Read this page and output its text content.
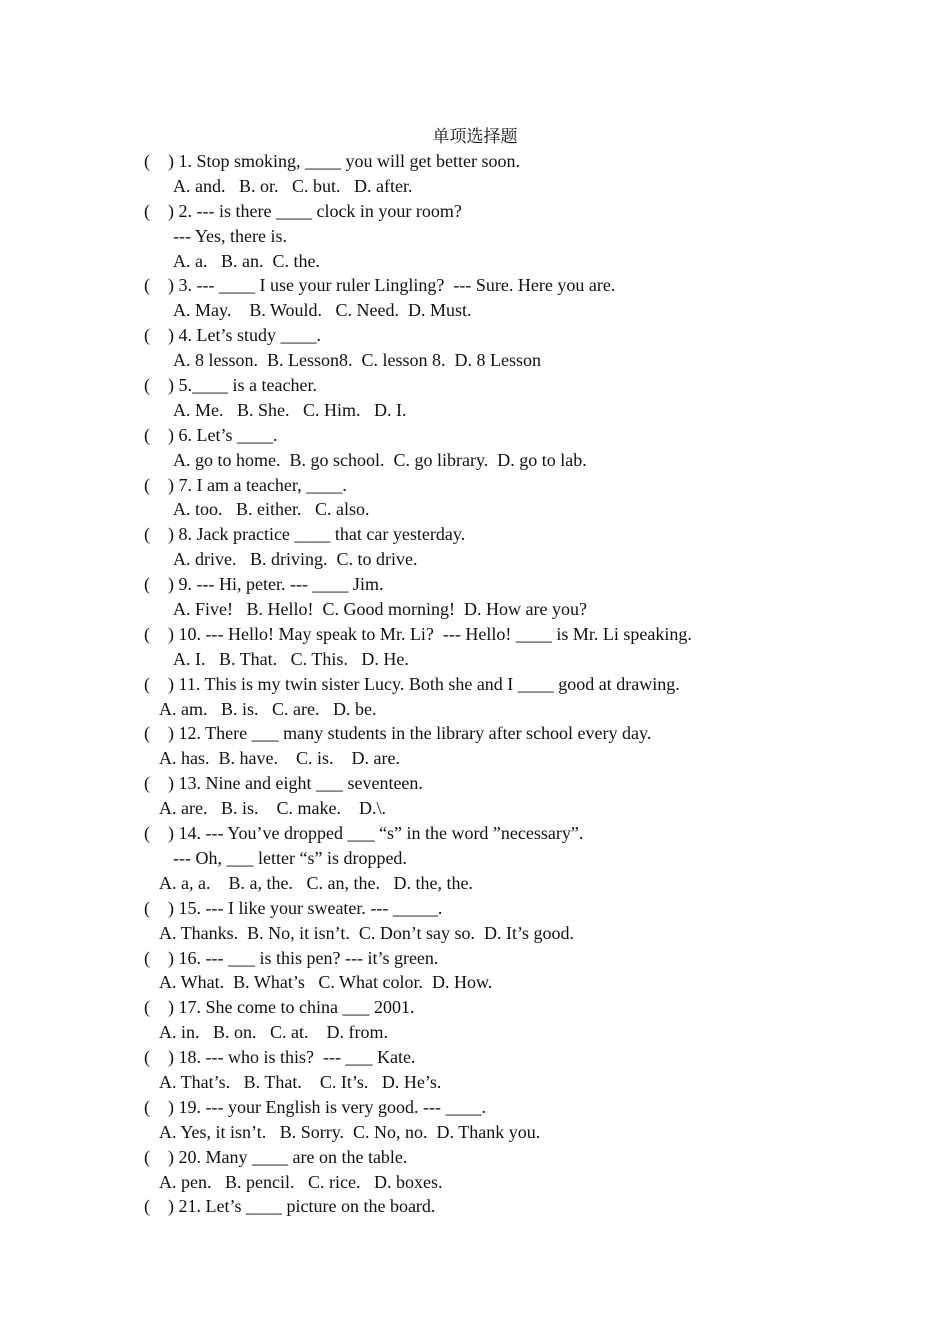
单项选择题
(    ) 1. Stop smoking, ____ you will get better soon.
A. and.   B. or.   C. but.   D. after.
(    ) 2. --- is there ____ clock in your room?
--- Yes, there is.
A. a.   B. an.  C. the.
(    ) 3. --- ____ I use your ruler Lingling?  --- Sure. Here you are.
A. May.    B. Would.   C. Need.  D. Must.
(    ) 4. Let’s study ____.
A. 8 lesson.  B. Lesson8.  C. lesson 8.  D. 8 Lesson
(    ) 5.____ is a teacher.
A. Me.   B. She.   C. Him.   D. I.
(    ) 6. Let’s ____.
A. go to home.  B. go school.  C. go library.  D. go to lab.
(    ) 7. I am a teacher, ____.
A. too.   B. either.   C. also.
(    ) 8. Jack practice ____ that car yesterday.
A. drive.   B. driving.  C. to drive.
(    ) 9. --- Hi, peter. --- ____ Jim.
A. Five!   B. Hello!  C. Good morning!  D. How are you?
(    ) 10. --- Hello! May speak to Mr. Li?  --- Hello! ____ is Mr. Li speaking.
A. I.   B. That.   C. This.   D. He.
(    ) 11. This is my twin sister Lucy. Both she and I ____ good at drawing.
A. am.   B. is.   C. are.   D. be.
(    ) 12. There ___ many students in the library after school every day.
A. has.  B. have.    C. is.    D. are.
(    ) 13. Nine and eight ___ seventeen.
A. are.   B. is.    C. make.    D.\.
(    ) 14. --- You’ve dropped ___ “s” in the word ”necessary”.
--- Oh, ___ letter “s” is dropped.
A. a, a.    B. a, the.   C. an, the.   D. the, the.
(    ) 15. --- I like your sweater. --- _____.
A. Thanks.  B. No, it isn’t.  C. Don’t say so.  D. It’s good.
(    ) 16. --- ___ is this pen? --- it’s green.
A. What.  B. What’s   C. What color.  D. How.
(    ) 17. She come to china ___ 2001.
A. in.   B. on.   C. at.    D. from.
(    ) 18. --- who is this?  --- ___ Kate.
A. That’s.   B. That.    C. It’s.   D. He’s.
(    ) 19. --- your English is very good. --- ____.
A. Yes, it isn’t.   B. Sorry.  C. No, no.  D. Thank you.
(    ) 20. Many ____ are on the table.
A. pen.   B. pencil.   C. rice.   D. boxes.
(    ) 21. Let’s ____ picture on the board.
